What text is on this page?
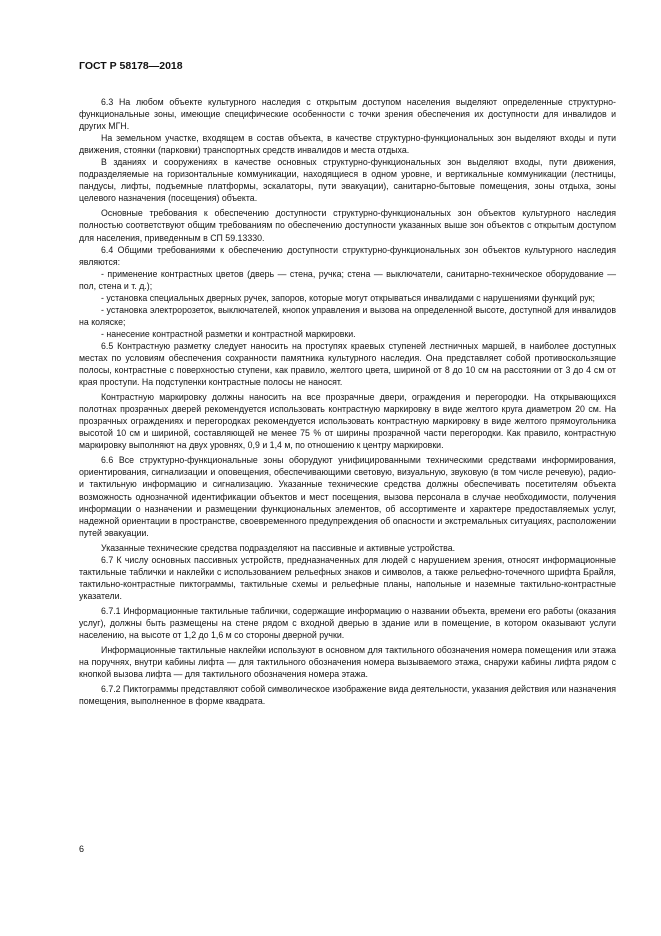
ГОСТ Р 58178—2018

6.3 На любом объекте культурного наследия с открытым доступом населения выделяют определенные структурно-функциональные зоны, имеющие специфические особенности с точки зрения обеспечения их доступности для инвалидов и других МГН.

На земельном участке, входящем в состав объекта, в качестве структурно-функциональных зон выделяют входы и пути движения, стоянки (парковки) транспортных средств инвалидов и места отдыха.

В зданиях и сооружениях в качестве основных структурно-функциональных зон выделяют входы, пути движения, подразделяемые на горизонтальные коммуникации, находящиеся в одном уровне, и вертикальные коммуникации (лестницы, пандусы, лифты, подъемные платформы, эскалаторы, пути эвакуации), санитарно-бытовые помещения, зоны отдыха, зоны целевого назначения (посещения) объекта.

Основные требования к обеспечению доступности структурно-функциональных зон объектов культурного наследия полностью соответствуют общим требованиям по обеспечению доступности указанных выше зон объектов с открытым доступом для населения, приведенным в СП 59.13330.

6.4 Общими требованиями к обеспечению доступности структурно-функциональных зон объектов культурного наследия являются:

- применение контрастных цветов (дверь — стена, ручка; стена — выключатели, санитарно-техническое оборудование — пол, стена и т. д.);

- установка специальных дверных ручек, запоров, которые могут открываться инвалидами с нарушениями функций рук;

- установка электророзеток, выключателей, кнопок управления и вызова на определенной высоте, доступной для инвалидов на коляске;

- нанесение контрастной разметки и контрастной маркировки.

6.5 Контрастную разметку следует наносить на проступях краевых ступеней лестничных маршей, в наиболее доступных местах по условиям обеспечения сохранности памятника культурного наследия. Она представляет собой противоскользящие полосы, контрастные с поверхностью ступени, как правило, желтого цвета, шириной от 8 до 10 см на расстоянии от 3 до 4 см от края проступи. На подступенки контрастные полосы не наносят.

Контрастную маркировку должны наносить на все прозрачные двери, ограждения и перегородки. На открывающихся полотнах прозрачных дверей рекомендуется использовать контрастную маркировку в виде желтого круга диаметром 20 см. На прозрачных ограждениях и перегородках рекомендуется использовать контрастную маркировку в виде желтого прямоугольника высотой 10 см и шириной, составляющей не менее 75 % от ширины прозрачной части перегородки. Как правило, контрастную маркировку выполняют на двух уровнях, 0,9 и 1,4 м, по отношению к центру маркировки.

6.6 Все структурно-функциональные зоны оборудуют унифицированными техническими средствами информирования, ориентирования, сигнализации и оповещения, обеспечивающими световую, визуальную, звуковую (в том числе речевую), радио- и тактильную информацию и сигнализацию. Указанные технические средства должны обеспечивать посетителям объекта возможность однозначной идентификации объектов и мест посещения, вызова персонала в случае необходимости, получения информации о назначении и размещении функциональных элементов, об ассортименте и характере предоставляемых услуг, надежной ориентации в пространстве, своевременного предупреждения об опасности и экстремальных ситуациях, расположении путей эвакуации.

Указанные технические средства подразделяют на пассивные и активные устройства.

6.7 К числу основных пассивных устройств, предназначенных для людей с нарушением зрения, относят информационные тактильные таблички и наклейки с использованием рельефных знаков и символов, а также рельефно-точечного шрифта Брайля, тактильно-контрастные пиктограммы, тактильные схемы и рельефные планы, напольные и наземные тактильно-контрастные указатели.

6.7.1 Информационные тактильные таблички, содержащие информацию о названии объекта, времени его работы (оказания услуг), должны быть размещены на стене рядом с входной дверью в здание или в помещение, в котором оказывают услуги населению, на высоте от 1,2 до 1,6 м со стороны дверной ручки.

Информационные тактильные наклейки используют в основном для тактильного обозначения номера помещения или этажа на поручнях, внутри кабины лифта — для тактильного обозначения номера вызываемого этажа, снаружи кабины лифта рядом с кнопкой вызова лифта — для тактильного обозначения номера этажа.

6.7.2 Пиктограммы представляют собой символическое изображение вида деятельности, указания действия или назначения помещения, выполненное в форме квадрата.

6
